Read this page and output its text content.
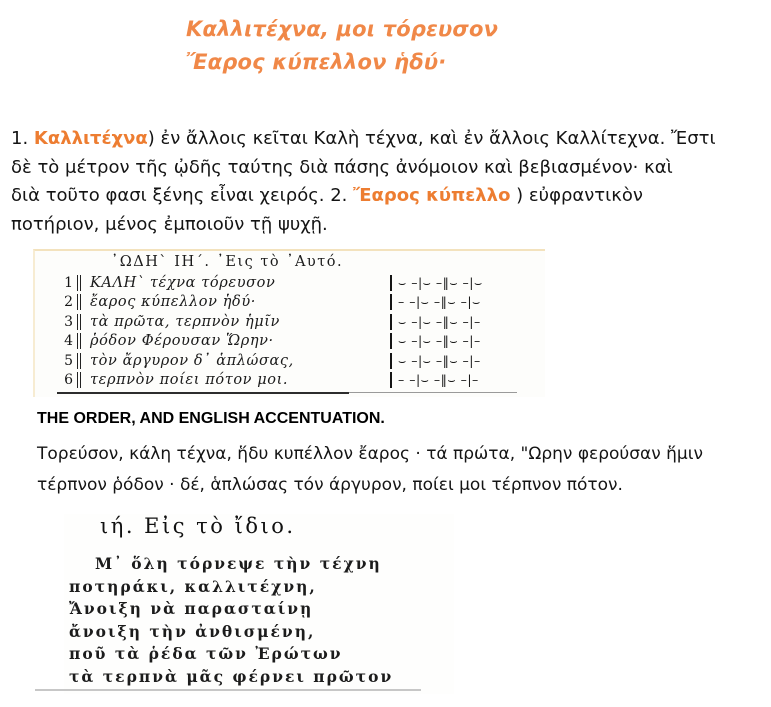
Καλλιτέχνα, μοι τόρευσον
Ἔαρος κύπελλον ἡδύ·
1. Καλλιτέχνα) ἐν ἄλλοις κεῖται Καλὴ τέχνα, καὶ ἐν ἄλλοις Καλλίτεχνα. Ἔστι
δὲ τὸ μέτρον τῆς ᾠδῆς ταύτης διὰ πάσης ἀνόμοιον καὶ βεβιασμένον· καὶ
διὰ τοῦτο φασι ξένης εἶναι χειρός. 2. Ἔαρος κύπελλο ) εὐφραντικὸν
ποτήριον, μένος ἐμποιοῦν τῇ ψυχῇ.
᾿ΩΔΗ` ΙΗ´. ᾿Εις τὸ ᾿Αυτό.
1	ΚΑΛΗ` τέχνα τόρευσον	⌣ –|⌣ –‖⌣ –|⌣
2	ἔαρος κύπελλον ἡδύ·	– –|⌣ –‖⌣ –|⌣
3	τὰ πρῶτα, τερπνὸν ἡμῖν	⌣ –|⌣ –‖⌣ –|–
4	ῥόδον Φέρουσαν Ὥρην·	⌣ –|⌣ –‖⌣ –|–
5	τὸν ἄργυρον δ᾽ ἁπλώσας,	⌣ –|⌣ –‖⌣ –|–
6	τερπνὸν ποίει πότον μοι.	– –|⌣ –‖⌣ –|–
THE ORDER, AND ENGLISH ACCENTUATION.
Τορεύσον, κάλη τέχνα, ἥδυ κυπέλλον ἔαρος · τά πρώτα, "Ωρην φερούσαν ἥμιν
τέρπνον ῥόδον · δέ, ἁπλώσας τόν άργυρον, ποίει μοι τέρπνον πότον.
ιή. Εἰς τὸ ἴδιο.
Μ᾽ ὅλη τόρνεψε τὴν τέχνη
ποτηράκι, καλλιτέχνη,
Ἄνοιξη νὰ παρασταίνῃ
ἄνοιξη τὴν ἀνθισμένη,
ποῦ τὰ ῥέδα τῶν Ἐρώτων
τὰ τερπνὰ μᾶς φέρνει πρῶτον
